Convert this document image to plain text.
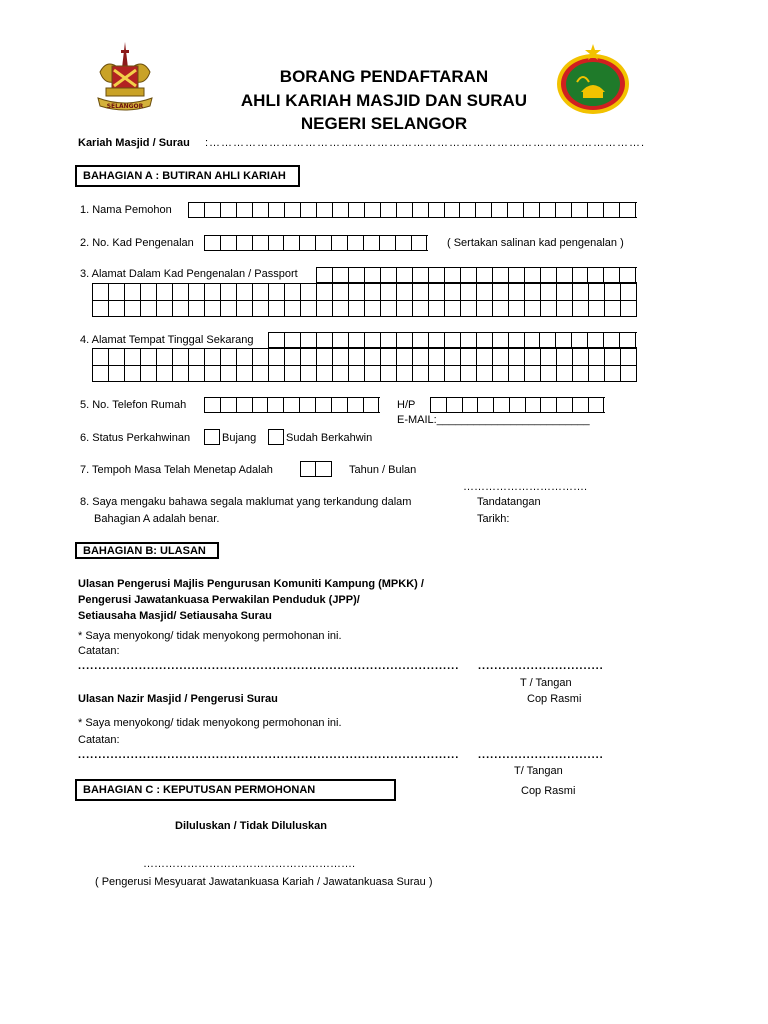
SELANGOR
BORANG PENDAFTARAN
AHLI KARIAH MASJID DAN SURAU
NEGERI SELANGOR
Kariah Masjid / Surau :……………………………………………………………………………………………….
BAHAGIAN A : BUTIRAN AHLI KARIAH
1. Nama Pemohon
2. No. Kad Pengenalan	( Sertakan salinan kad pengenalan )
3. Alamat Dalam Kad Pengenalan / Passport
4. Alamat Tempat Tinggal Sekarang
5. No. Telefon Rumah	H/P
E-MAIL:_________________________
6. Status Perkahwinan	Bujang	Sudah Berkahwin
7. Tempoh Masa Telah Menetap Adalah	Tahun / Bulan
8. Saya mengaku bahawa segala maklumat yang terkandung dalam
Bahagian A adalah benar.
…………………………….
Tandatangan
Tarikh:
BAHAGIAN B: ULASAN
Ulasan Pengerusi Majlis Pengurusan Komuniti Kampung (MPKK) /
Pengerusi Jawatankuasa Perwakilan Penduduk (JPP)/
Setiausaha Masjid/ Setiausaha Surau
* Saya menyokong/ tidak menyokong permohonan ini.
Catatan:
.............................................................................................. ...............................
T / Tangan
Cop Rasmi
Ulasan Nazir Masjid / Pengerusi Surau
* Saya menyokong/ tidak menyokong permohonan ini.
Catatan:
.............................................................................................. ...............................
T/ Tangan
Cop Rasmi
BAHAGIAN C : KEPUTUSAN PERMOHONAN
Diluluskan / Tidak Diluluskan
………………………………………………….
( Pengerusi Mesyuarat Jawatankuasa Kariah / Jawatankuasa Surau )
